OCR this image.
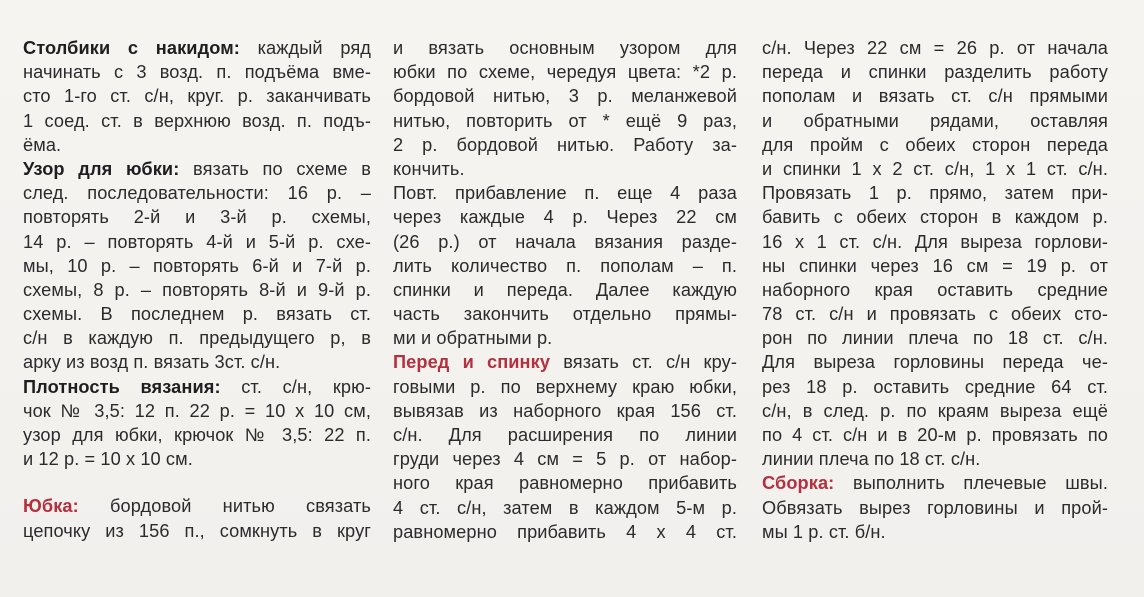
Столбики с накидом: каждый ряд
начинать с 3 возд. п. подъёма вме-
сто 1-го ст. с/н, круг. р. заканчивать
1 соед. ст. в верхнюю возд. п. подъ-
ёма.
Узор для юбки: вязать по схеме в
след. последовательности: 16 р. –
повторять 2-й и 3-й р. схемы,
14 р. – повторять 4-й и 5-й р. схе-
мы, 10 р. – повторять 6-й и 7-й р.
схемы, 8 р. – повторять 8-й и 9-й р.
схемы. В последнем р. вязать ст.
с/н в каждую п. предыдущего р, в
арку из возд п. вязать 3ст. с/н.
Плотность вязания: ст. с/н, крю-
чок № 3,5: 12 п. 22 р. = 10 х 10 см,
узор для юбки, крючок № 3,5: 22 п.
и 12 р. = 10 х 10 см.
Юбка: бордовой нитью связать
цепочку из 156 п., сомкнуть в круг
и вязать основным узором для
юбки по схеме, чередуя цвета: *2 р.
бордовой нитью, 3 р. меланжевой
нитью, повторить от * ещё 9 раз,
2 р. бордовой нитью. Работу за-
кончить.
Повт. прибавление п. еще 4 раза
через каждые 4 р. Через 22 см
(26 р.) от начала вязания разде-
лить количество п. пополам – п.
спинки и переда. Далее каждую
часть закончить отдельно прямы-
ми и обратными р.
Перед и спинку вязать ст. с/н кру-
говыми р. по верхнему краю юбки,
вывязав из наборного края 156 ст.
с/н. Для расширения по линии
груди через 4 см = 5 р. от набор-
ного края равномерно прибавить
4 ст. с/н, затем в каждом 5-м р.
равномерно прибавить 4 х 4 ст.
с/н. Через 22 см = 26 р. от начала
переда и спинки разделить работу
пополам и вязать ст. с/н прямыми
и обратными рядами, оставляя
для пройм с обеих сторон переда
и спинки 1 х 2 ст. с/н, 1 х 1 ст. с/н.
Провязать 1 р. прямо, затем при-
бавить с обеих сторон в каждом р.
16 х 1 ст. с/н. Для выреза горлови-
ны спинки через 16 см = 19 р. от
наборного края оставить средние
78 ст. с/н и провязать с обеих сто-
рон по линии плеча по 18 ст. с/н.
Для выреза горловины переда че-
рез 18 р. оставить средние 64 ст.
с/н, в след. р. по краям выреза ещё
по 4 ст. с/н и в 20-м р. провязать по
линии плеча по 18 ст. с/н.
Сборка: выполнить плечевые швы.
Обвязать вырез горловины и прой-
мы 1 р. ст. б/н.
